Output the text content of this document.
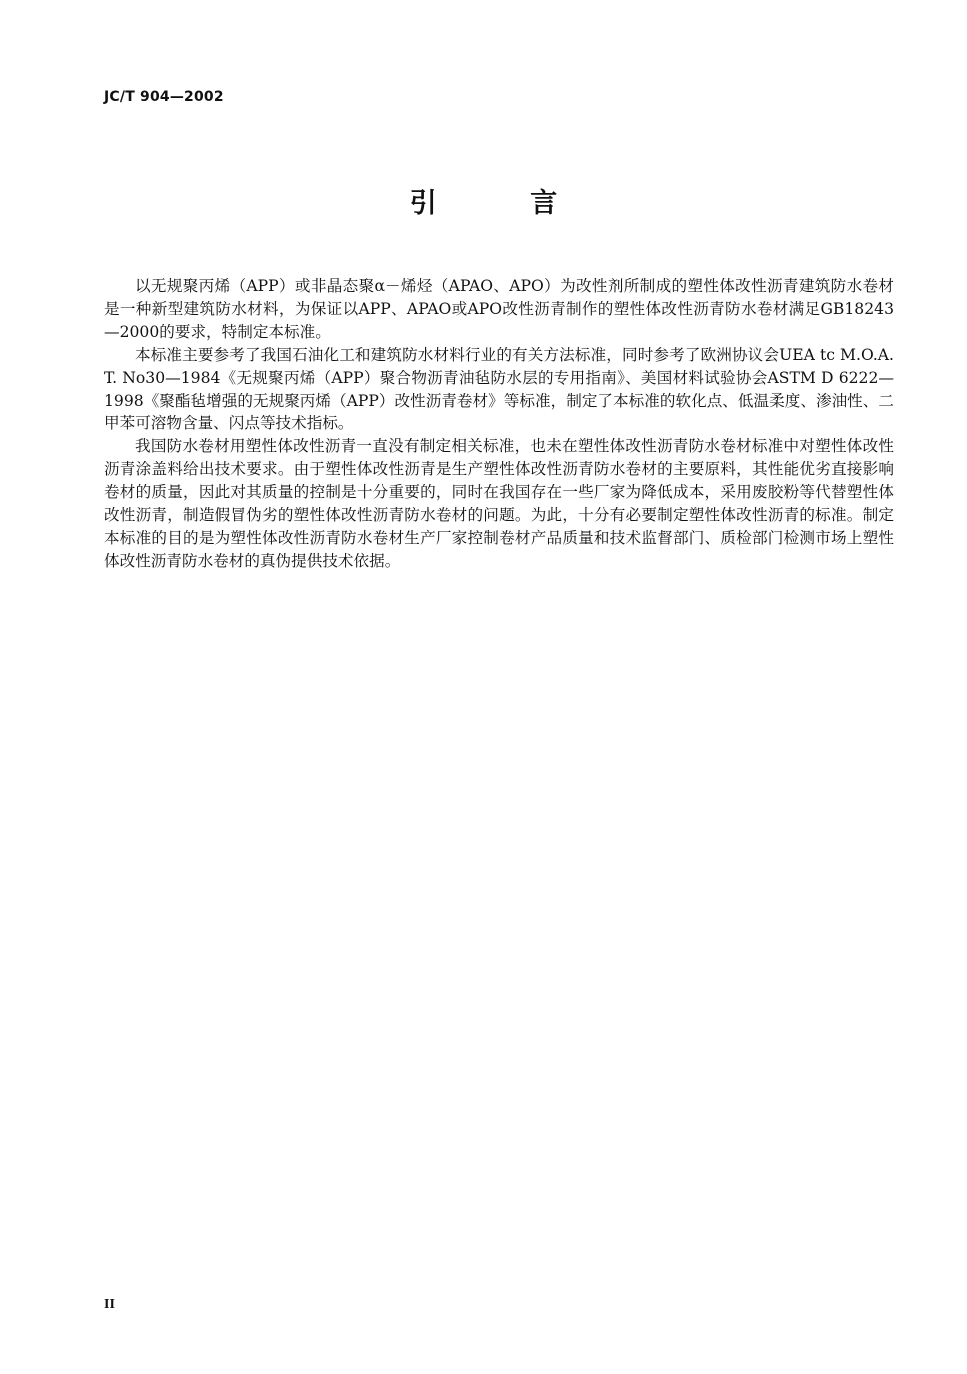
JC/T 904—2002
引 言

以无规聚丙烯（APP）或非晶态聚α－烯烃（APAO、APO）为改性剂所制成的塑性体改性沥青建筑防水卷材是一种新型建筑防水材料，为保证以APP、APAO或APO改性沥青制作的塑性体改性沥青防水卷材满足GB18243—2000的要求，特制定本标准。

本标准主要参考了我国石油化工和建筑防水材料行业的有关方法标准，同时参考了欧洲协议会UEA tc M.O.A.T. No30—1984《无规聚丙烯（APP）聚合物沥青油毡防水层的专用指南》、美国材料试验协会ASTM D 6222—1998《聚酯毡增强的无规聚丙烯（APP）改性沥青卷材》等标准，制定了本标准的软化点、低温柔度、渗油性、二甲苯可溶物含量、闪点等技术指标。

我国防水卷材用塑性体改性沥青一直没有制定相关标准，也未在塑性体改性沥青防水卷材标准中对塑性体改性沥青涂盖料给出技术要求。由于塑性体改性沥青是生产塑性体改性沥青防水卷材的主要原料，其性能优劣直接影响卷材的质量，因此对其质量的控制是十分重要的，同时在我国存在一些厂家为降低成本，采用废胶粉等代替塑性体改性沥青，制造假冒伪劣的塑性体改性沥青防水卷材的问题。为此，十分有必要制定塑性体改性沥青的标准。制定本标准的目的是为塑性体改性沥青防水卷材生产厂家控制卷材产品质量和技术监督部门、质检部门检测市场上塑性体改性沥青防水卷材的真伪提供技术依据。

II
